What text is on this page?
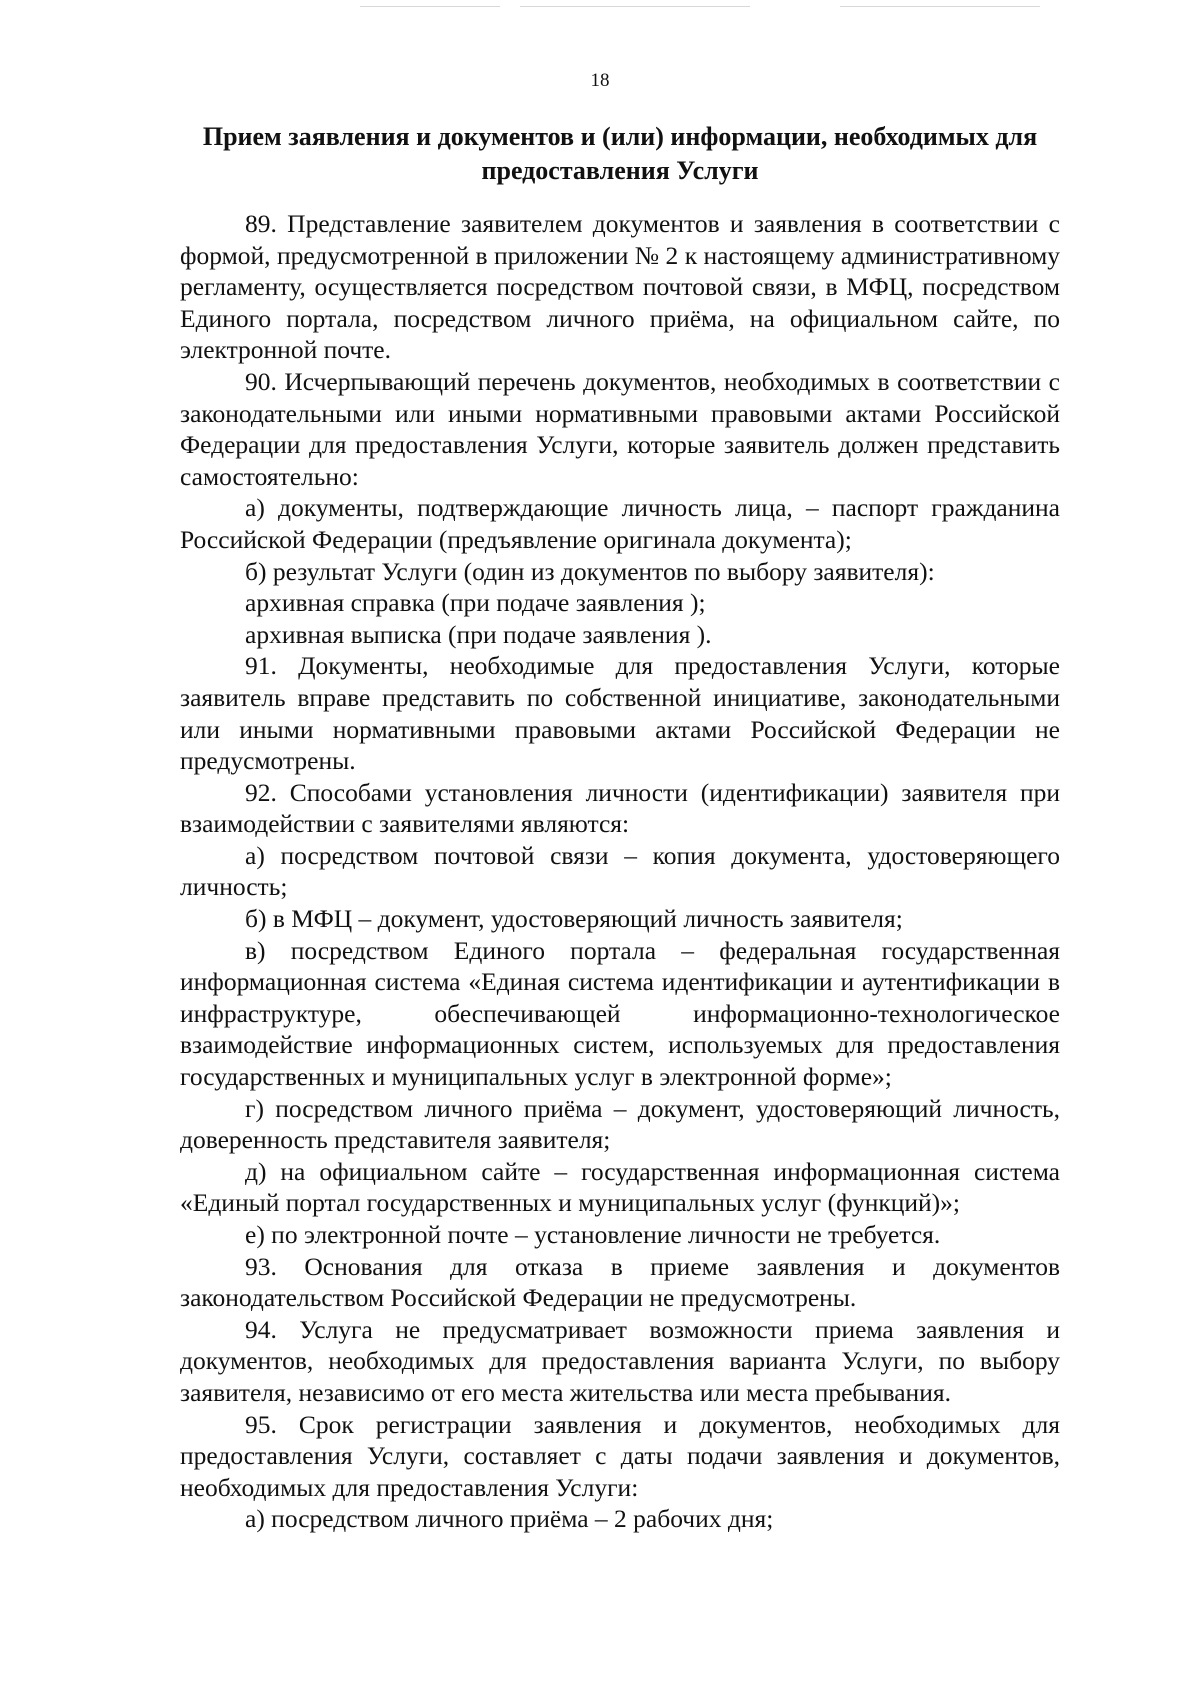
18
Прием заявления и документов и (или) информации, необходимых для
предоставления Услуги

89. Представление заявителем документов и заявления в соответствии с формой, предусмотренной в приложении № 2 к настоящему административному регламенту, осуществляется посредством почтовой связи, в МФЦ, посредством Единого портала, посредством личного приёма, на официальном сайте, по электронной почте.

90. Исчерпывающий перечень документов, необходимых в соответствии с законодательными или иными нормативными правовыми актами Российской Федерации для предоставления Услуги, которые заявитель должен представить самостоятельно:

а) документы, подтверждающие личность лица, – паспорт гражданина Российской Федерации (предъявление оригинала документа);

б) результат Услуги (один из документов по выбору заявителя):

архивная справка (при подаче заявления );

архивная выписка (при подаче заявления ).

91. Документы, необходимые для предоставления Услуги, которые заявитель вправе представить по собственной инициативе, законодательными или иными нормативными правовыми актами Российской Федерации не предусмотрены.

92. Способами установления личности (идентификации) заявителя при взаимодействии с заявителями являются:

а) посредством почтовой связи – копия документа, удостоверяющего личность;

б) в МФЦ – документ, удостоверяющий личность заявителя;

в) посредством Единого портала – федеральная государственная информационная система «Единая система идентификации и аутентификации в инфраструктуре, обеспечивающей информационно-технологическое взаимодействие информационных систем, используемых для предоставления государственных и муниципальных услуг в электронной форме»;

г) посредством личного приёма – документ, удостоверяющий личность, доверенность представителя заявителя;

д) на официальном сайте – государственная информационная система «Единый портал государственных и муниципальных услуг (функций)»;

е) по электронной почте – установление личности не требуется.

93. Основания для отказа в приеме заявления и документов законодательством Российской Федерации не предусмотрены.

94. Услуга не предусматривает возможности приема заявления и документов, необходимых для предоставления варианта Услуги, по выбору заявителя, независимо от его места жительства или места пребывания.

95. Срок регистрации заявления и документов, необходимых для предоставления Услуги, составляет с даты подачи заявления и документов, необходимых для предоставления Услуги:

а) посредством личного приёма – 2 рабочих дня;
